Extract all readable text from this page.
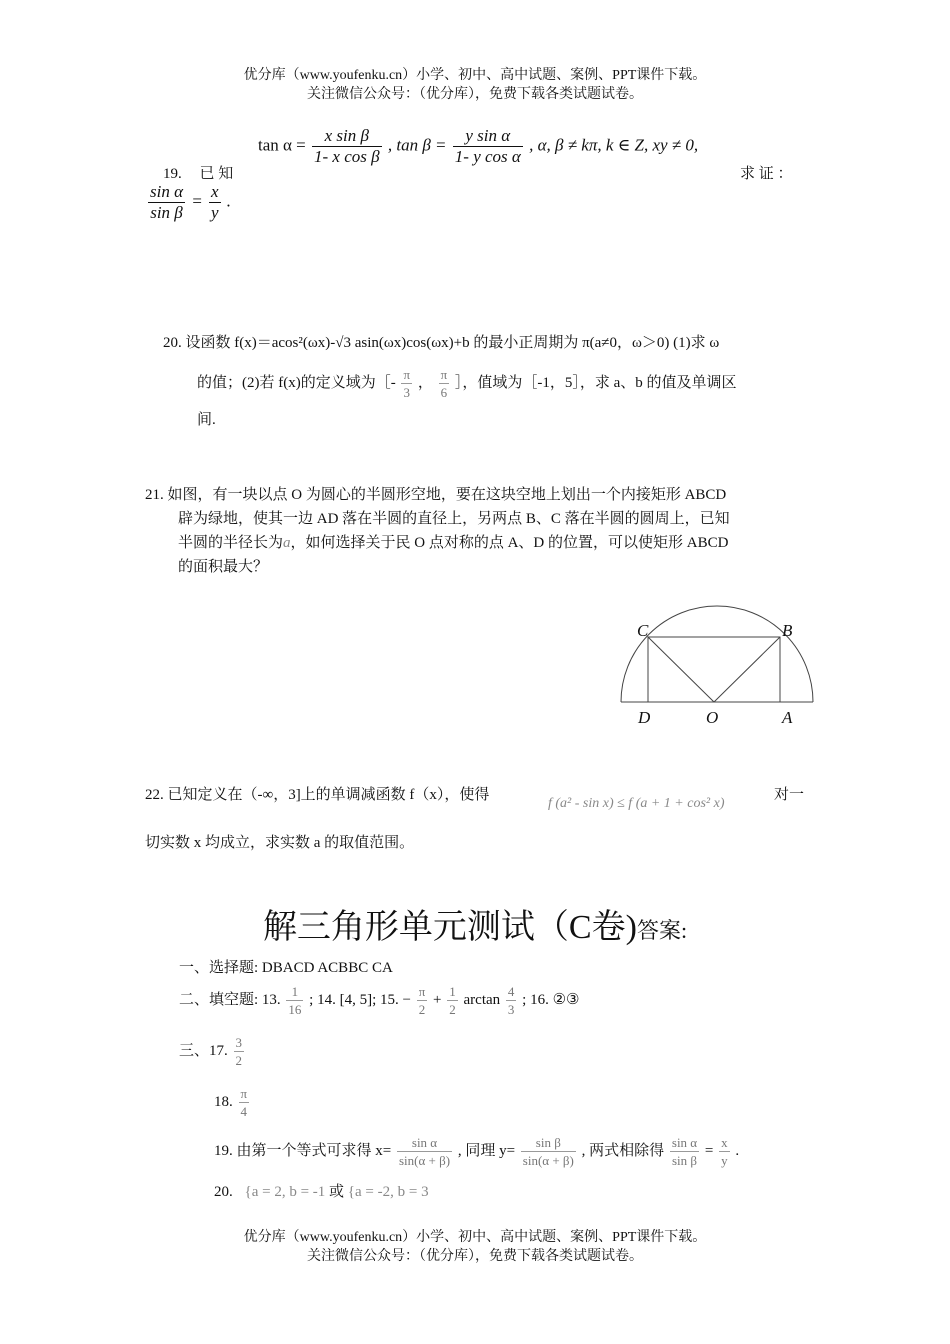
优分库（www.youfenku.cn）小学、初中、高中试题、案例、PPT课件下载。
关注微信公众号：（优分库），免费下载各类试题试卷。
19. 已 知
$\tan \alpha = \frac{\text{x sin β}}{\text{1- x cos β}}$ , $\tan \beta = \frac{\text{y sin α}}{\text{1- y cos α}}$ , α, β ≠ kπ, k ∈ Z, xy ≠ 0,
求 证 ：
$\frac{\text{sin α}}{\text{sin β}} = \frac{x}{y}$ .
20. 设函数 f(x)＝acos²(ωx)-√3 asin(ωx)cos(ωx)+b 的最小正周期为 π(a≠0，ω＞0) (1)求 ω
的值；(2)若 f(x)的定义域为［- $\frac{\pi}{3}$ ， $\frac{\pi}{6}$ ］，值域为［-1，5］，求 a、b 的值及单调区
间.
21. 如图，有一块以点 O 为圆心的半圆形空地，要在这块空地上划出一个内接矩形 ABCD
辟为绿地，使其一边 AD 落在半圆的直径上，另两点 B、C 落在半圆的圆周上，已知
半圆的半径长为a，如何选择关于民 O 点对称的点 A、D 的位置，可以使矩形 ABCD
的面积最大？
C	B
D	O	A
22. 已知定义在（-∞，3]上的单调减函数 f（x），使得
f (a² - sin x) ≤ f (a + 1 + cos² x)
对一
切实数 x 均成立，求实数 a 的取值范围。
解三角形单元测试（C卷)答案:
一、选择题: DBACD ACBBC CA
二、填空题: 13. $\frac{1}{16}$ ; 14. [4, 5]; 15. − $\frac{\pi}{2} + \frac{1}{2}$ $\arctan \frac{4}{3}$ ; 16. ②③
三、17. $\frac{3}{2}$
18. $\frac{\pi}{4}$
19. 由第一个等式可求得 $x= \frac{\text{sin α}}{\sin(\alpha + \beta)}$ , 同理 $y= \frac{\text{sin β}}{\sin(\alpha + \beta)}$ , 两式相除得 $\frac{\text{sin α}}{\text{sin β}} = \frac{x}{y}$ .
20. {a = 2, b = -1 或 {a = -2, b = 3
优分库（www.youfenku.cn）小学、初中、高中试题、案例、PPT课件下载。
关注微信公众号：（优分库），免费下载各类试题试卷。
